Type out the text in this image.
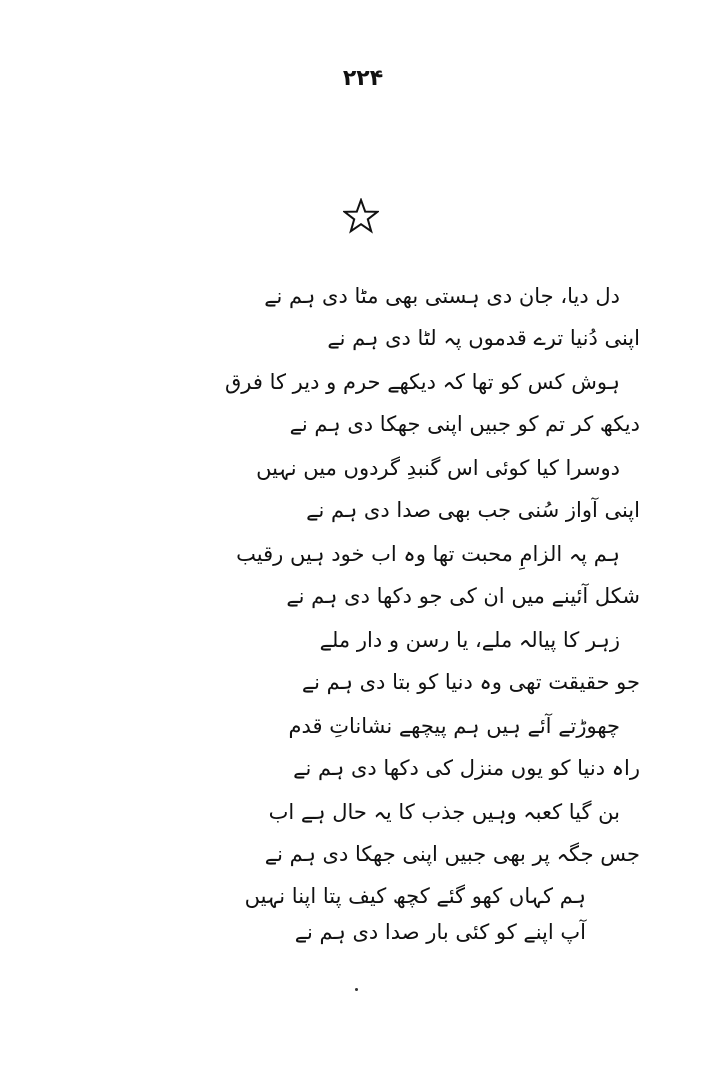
۲۲۴
دل دیا، جان دی ہستی بھی مٹا دی ہم نے
اپنی دُنیا ترے قدموں پہ لٹا دی ہم نے
ہوش کس کو تھا کہ دیکھے حرم و دیر کا فرق
دیکھ کر تم کو جبیں اپنی جھکا دی ہم نے
دوسرا کیا کوئی اس گنبدِ گردوں میں نہیں
اپنی آواز سُنی جب بھی صدا دی ہم نے
ہم پہ الزامِ محبت تھا وہ اب خود ہیں رقیب
شکل آئینے میں ان کی جو دکھا دی ہم نے
زہر کا پیالہ ملے، یا رسن و دار ملے
جو حقیقت تھی وہ دنیا کو بتا دی ہم نے
چھوڑتے آئے ہیں ہم پیچھے نشاناتِ قدم
راہ دنیا کو یوں منزل کی دکھا دی ہم نے
بن گیا کعبہ وہیں جذب کا یہ حال ہے اب
جس جگہ پر بھی جبیں اپنی جھکا دی ہم نے
ہم کہاں کھو گئے کچھ کیف پتا اپنا نہیں
آپ اپنے کو کئی بار صدا دی ہم نے
